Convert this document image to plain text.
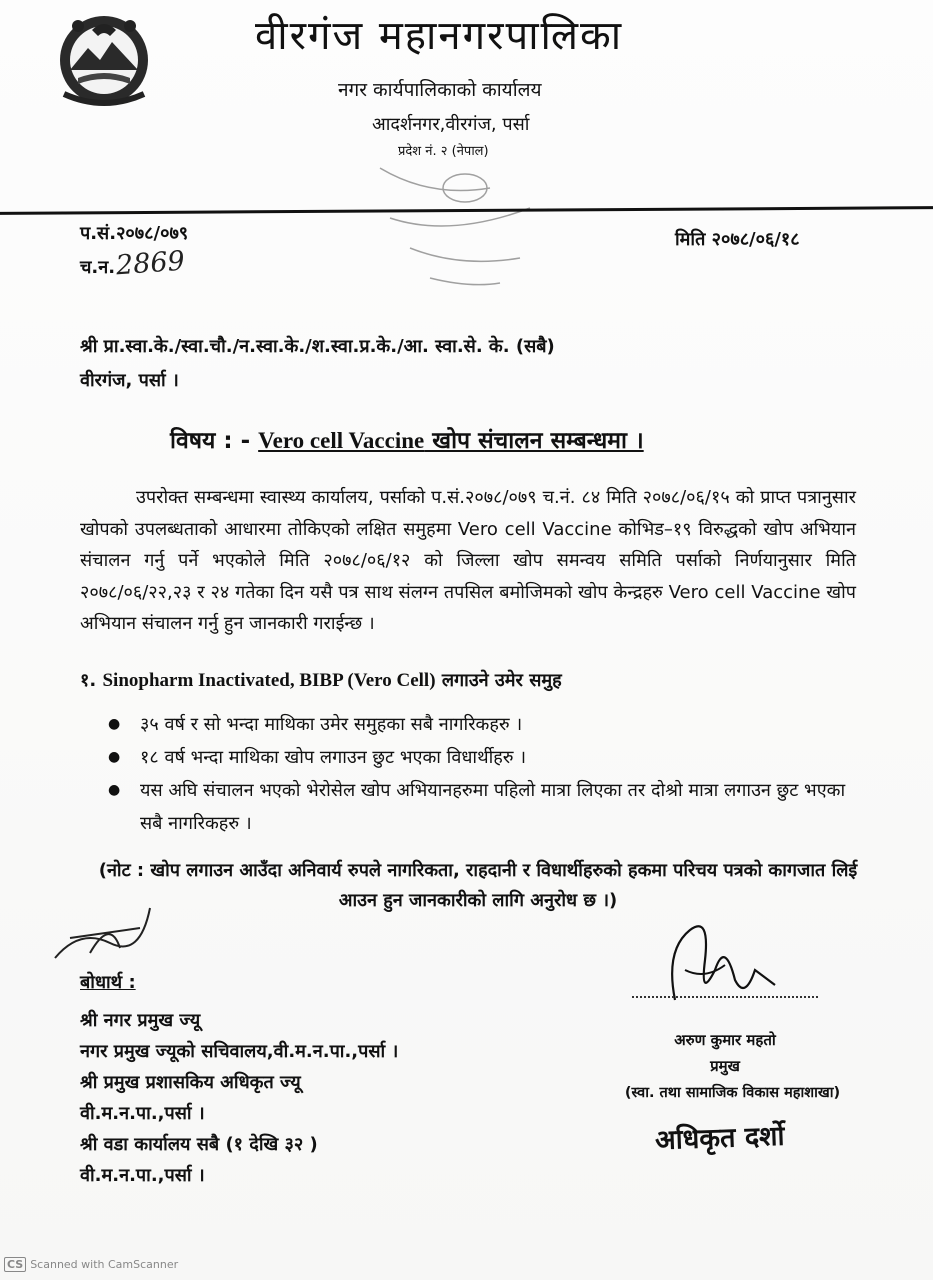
वीरगंज महानगरपालिका
नगर कार्यपालिकाको कार्यालय
आदर्शनगर,वीरगंज, पर्सा
प्रदेश नं. २ (नेपाल)
प.सं.२०७८/०७९
च.न. 2869
मिति २०७८/०६/१८
श्री प्रा.स्वा.के./स्वा.चौ./न.स्वा.के./श.स्वा.प्र.के./आ. स्वा.से. के. (सबै)
वीरगंज, पर्सा ।
विषय : - Vero cell Vaccine खोप संचालन सम्बन्धमा ।
उपरोक्त सम्बन्धमा स्वास्थ्य कार्यालय, पर्साको प.सं.२०७८/०७९ च.नं. ८४ मिति २०७८/०६/१५ को प्राप्त पत्रानुसार खोपको उपलब्धताको आधारमा तोकिएको लक्षित समुहमा Vero cell Vaccine कोभिड–१९ विरुद्धको खोप अभियान संचालन गर्नु पर्ने भएकोले मिति २०७८/०६/१२ को जिल्ला खोप समन्वय समिति पर्साको निर्णयानुसार मिति २०७८/०६/२२,२३ र २४ गतेका दिन यसै पत्र साथ संलग्न तपसिल बमोजिमको खोप केन्द्रहरु Vero cell Vaccine खोप अभियान संचालन गर्नु हुन जानकारी गराईन्छ ।
१. Sinopharm Inactivated, BIBP (Vero Cell) लगाउने उमेर समुह
● ३५ वर्ष र सो भन्दा माथिका उमेर समुहका सबै नागरिकहरु ।
● १८ वर्ष भन्दा माथिका खोप लगाउन छुट भएका विधार्थीहरु ।
● यस अघि संचालन भएको भेरोसेल खोप अभियानहरुमा पहिलो मात्रा लिएका तर दोश्रो मात्रा लगाउन छुट भएका सबै नागरिकहरु ।
(नोट : खोप लगाउन आउँदा अनिवार्य रुपले नागरिकता, राहदानी र विधार्थीहरुको हकमा परिचय पत्रको कागजात लिई आउन हुन जानकारीको लागि अनुरोध छ ।)
बोधार्थ :
श्री नगर प्रमुख ज्यू
नगर प्रमुख ज्यूको सचिवालय,वी.म.न.पा.,पर्सा ।
श्री प्रमुख प्रशासकिय अधिकृत ज्यू
वी.म.न.पा.,पर्सा ।
श्री वडा कार्यालय सबै (१ देखि ३२ )
वी.म.न.पा.,पर्सा ।
अरुण कुमार महतो
प्रमुख
(स्वा. तथा सामाजिक विकास महाशाखा)
अधिकृत दर्शो
CS Scanned with CamScanner
